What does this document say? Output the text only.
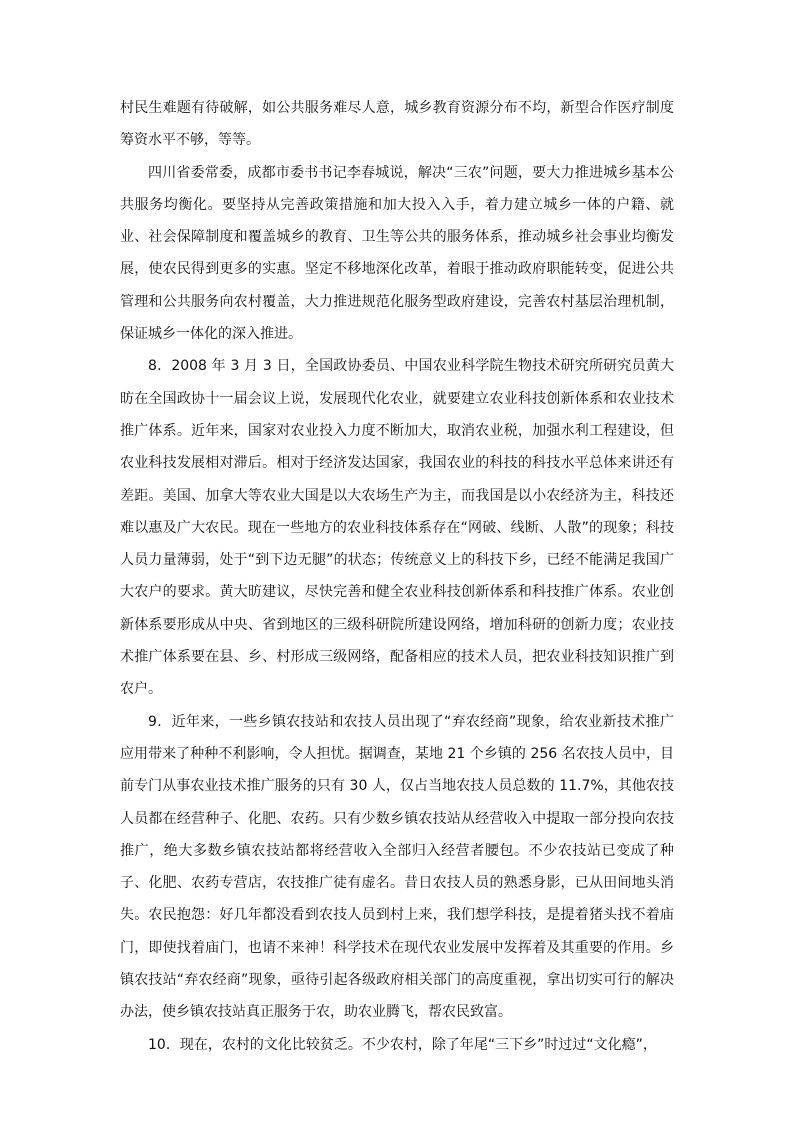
村民生难题有待破解，如公共服务难尽人意，城乡教育资源分布不均，新型合作医疗制度筹资水平不够，等等。

四川省委常委，成都市委书书记李春城说，解决“三农”问题，要大力推进城乡基本公共服务均衡化。要坚持从完善政策措施和加大投入入手，着力建立城乡一体的户籍、就业、社会保障制度和覆盖城乡的教育、卫生等公共的服务体系，推动城乡社会事业均衡发展，使农民得到更多的实惠。坚定不移地深化改革，着眼于推动政府职能转变，促进公共管理和公共服务向农村覆盖，大力推进规范化服务型政府建设，完善农村基层治理机制，保证城乡一体化的深入推进。

8．2008 年 3 月 3 日，全国政协委员、中国农业科学院生物技术研究所研究员黄大昉在全国政协十一届会议上说，发展现代化农业，就要建立农业科技创新体系和农业技术推广体系。近年来，国家对农业投入力度不断加大，取消农业税，加强水利工程建设，但农业科技发展相对滞后。相对于经济发达国家，我国农业的科技的科技水平总体来讲还有差距。美国、加拿大等农业大国是以大农场生产为主，而我国是以小农经济为主，科技还难以惠及广大农民。现在一些地方的农业科技体系存在“网破、线断、人散”的现象；科技人员力量薄弱，处于“到下边无腿”的状态；传统意义上的科技下乡，已经不能满足我国广大农户的要求。黄大昉建议，尽快完善和健全农业科技创新体系和科技推广体系。农业创新体系要形成从中央、省到地区的三级科研院所建设网络，增加科研的创新力度；农业技术推广体系要在县、乡、村形成三级网络，配备相应的技术人员，把农业科技知识推广到农户。

9．近年来，一些乡镇农技站和农技人员出现了“弃农经商”现象，给农业新技术推广应用带来了种种不利影响，令人担忧。据调查，某地 21 个乡镇的 256 名农技人员中，目前专门从事农业技术推广服务的只有 30 人，仅占当地农技人员总数的 11.7%，其他农技人员都在经营种子、化肥、农药。只有少数乡镇农技站从经营收入中提取一部分投向农技推广，绝大多数乡镇农技站都将经营收入全部归入经营者腰包。不少农技站已变成了种子、化肥、农药专营店，农技推广徒有虚名。昔日农技人员的熟悉身影，已从田间地头消失。农民抱怨：好几年都没看到农技人员到村上来，我们想学科技，是提着猪头找不着庙门，即使找着庙门，也请不来神！科学技术在现代农业发展中发挥着及其重要的作用。乡镇农技站“弃农经商”现象，亟待引起各级政府相关部门的高度重视，拿出切实可行的解决办法，使乡镇农技站真正服务于农，助农业腾飞，帮农民致富。

10．现在，农村的文化比较贫乏。不少农村，除了年尾“三下乡”时过过“文化瘾”，
